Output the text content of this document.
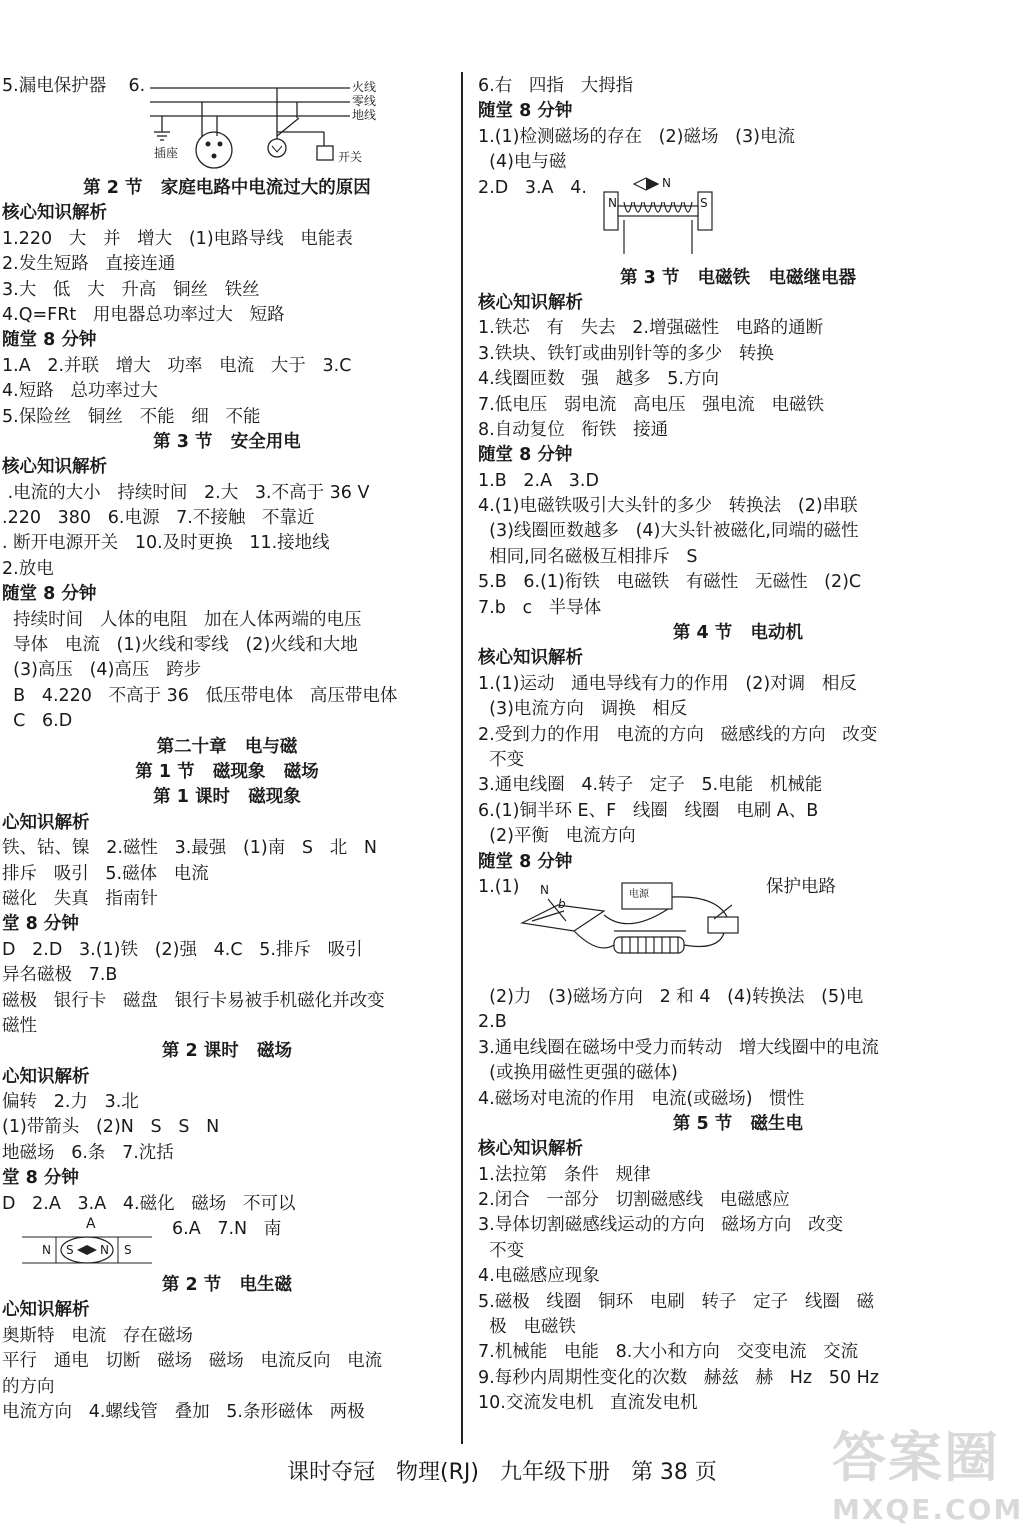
5.漏电保护器    6.	火线
零线
地线
插座	开关
第 2 节   家庭电路中电流过大的原因
核心知识解析
1.220   大   并   增大   (1)电路导线   电能表
2.发生短路   直接连通
3.大   低   大   升高   铜丝   铁丝
4.Q=FRt   用电器总功率过大   短路
随堂 8 分钟
1.A   2.并联   增大   功率   电流   大于   3.C
4.短路   总功率过大
5.保险丝   铜丝   不能   细   不能
第 3 节   安全用电
核心知识解析
.电流的大小   持续时间   2.大   3.不高于 36 V
.220   380   6.电源   7.不接触   不靠近
. 断开电源开关   10.及时更换   11.接地线
2.放电
随堂 8 分钟
持续时间   人体的电阻   加在人体两端的电压
导体   电流   (1)火线和零线   (2)火线和大地
(3)高压   (4)高压   跨步
B   4.220   不高于 36   低压带电体   高压带电体
C   6.D
第二十章   电与磁
第 1 节   磁现象   磁场
第 1 课时   磁现象
心知识解析
铁、钴、镍   2.磁性   3.最强   (1)南   S   北   N
排斥   吸引   5.磁体   电流
磁化   失真   指南针
堂 8 分钟
D   2.D   3.(1)铁   (2)强   4.C   5.排斥   吸引
异名磁极   7.B
磁极   银行卡   磁盘   银行卡易被手机磁化并改变
磁性
第 2 课时   磁场
心知识解析
偏转   2.力   3.北
(1)带箭头   (2)N   S   S   N
地磁场   6.条   7.沈括
堂 8 分钟
D   2.A   3.A   4.磁化   磁场   不可以
A
N S N S
6.A   7.N   南
第 2 节   电生磁
心知识解析
奥斯特   电流   存在磁场
平行   通电   切断   磁场   磁场   电流反向   电流
的方向
电流方向   4.螺线管   叠加   5.条形磁体   两极
6.右   四指   大拇指
随堂 8 分钟
1.(1)检测磁场的存在   (2)磁场   (3)电流
(4)电与磁
2.D   3.A   4.	N
N	S
第 3 节   电磁铁   电磁继电器
核心知识解析
1.铁芯   有   失去   2.增强磁性   电路的通断
3.铁块、铁钉或曲别针等的多少   转换
4.线圈匝数   强   越多   5.方向
7.低电压   弱电流   高电压   强电流   电磁铁
8.自动复位   衔铁   接通
随堂 8 分钟
1.B   2.A   3.D
4.(1)电磁铁吸引大头针的多少   转换法   (2)串联
(3)线圈匝数越多   (4)大头针被磁化,同端的磁性
相同,同名磁极互相排斥   S
5.B   6.(1)衔铁   电磁铁   有磁性   无磁性   (2)C
7.b   c   半导体
第 4 节   电动机
核心知识解析
1.(1)运动   通电导线有力的作用   (2)对调   相反
(3)电流方向   调换   相反
2.受到力的作用   电流的方向   磁感线的方向   改变
不变
3.通电线圈   4.转子   定子   5.电能   机械能
6.(1)铜半环 E、F   线圈   线圈   电刷 A、B
(2)平衡   电流方向
随堂 8 分钟
1.(1)	电源
N
b
保护电路
(2)力   (3)磁场方向   2 和 4   (4)转换法   (5)电
2.B
3.通电线圈在磁场中受力而转动   增大线圈中的电流
(或换用磁性更强的磁体)
4.磁场对电流的作用   电流(或磁场)   惯性
第 5 节   磁生电
核心知识解析
1.法拉第   条件   规律
2.闭合   一部分   切割磁感线   电磁感应
3.导体切割磁感线运动的方向   磁场方向   改变
不变
4.电磁感应现象
5.磁极   线圈   铜环   电刷   转子   定子   线圈   磁
极   电磁铁
7.机械能   电能   8.大小和方向   交变电流   交流
9.每秒内周期性变化的次数   赫兹   赫   Hz   50 Hz
10.交流发电机   直流发电机
课时夺冠   物理(RJ)   九年级下册   第 38 页	答案圈
MXQE.COM
